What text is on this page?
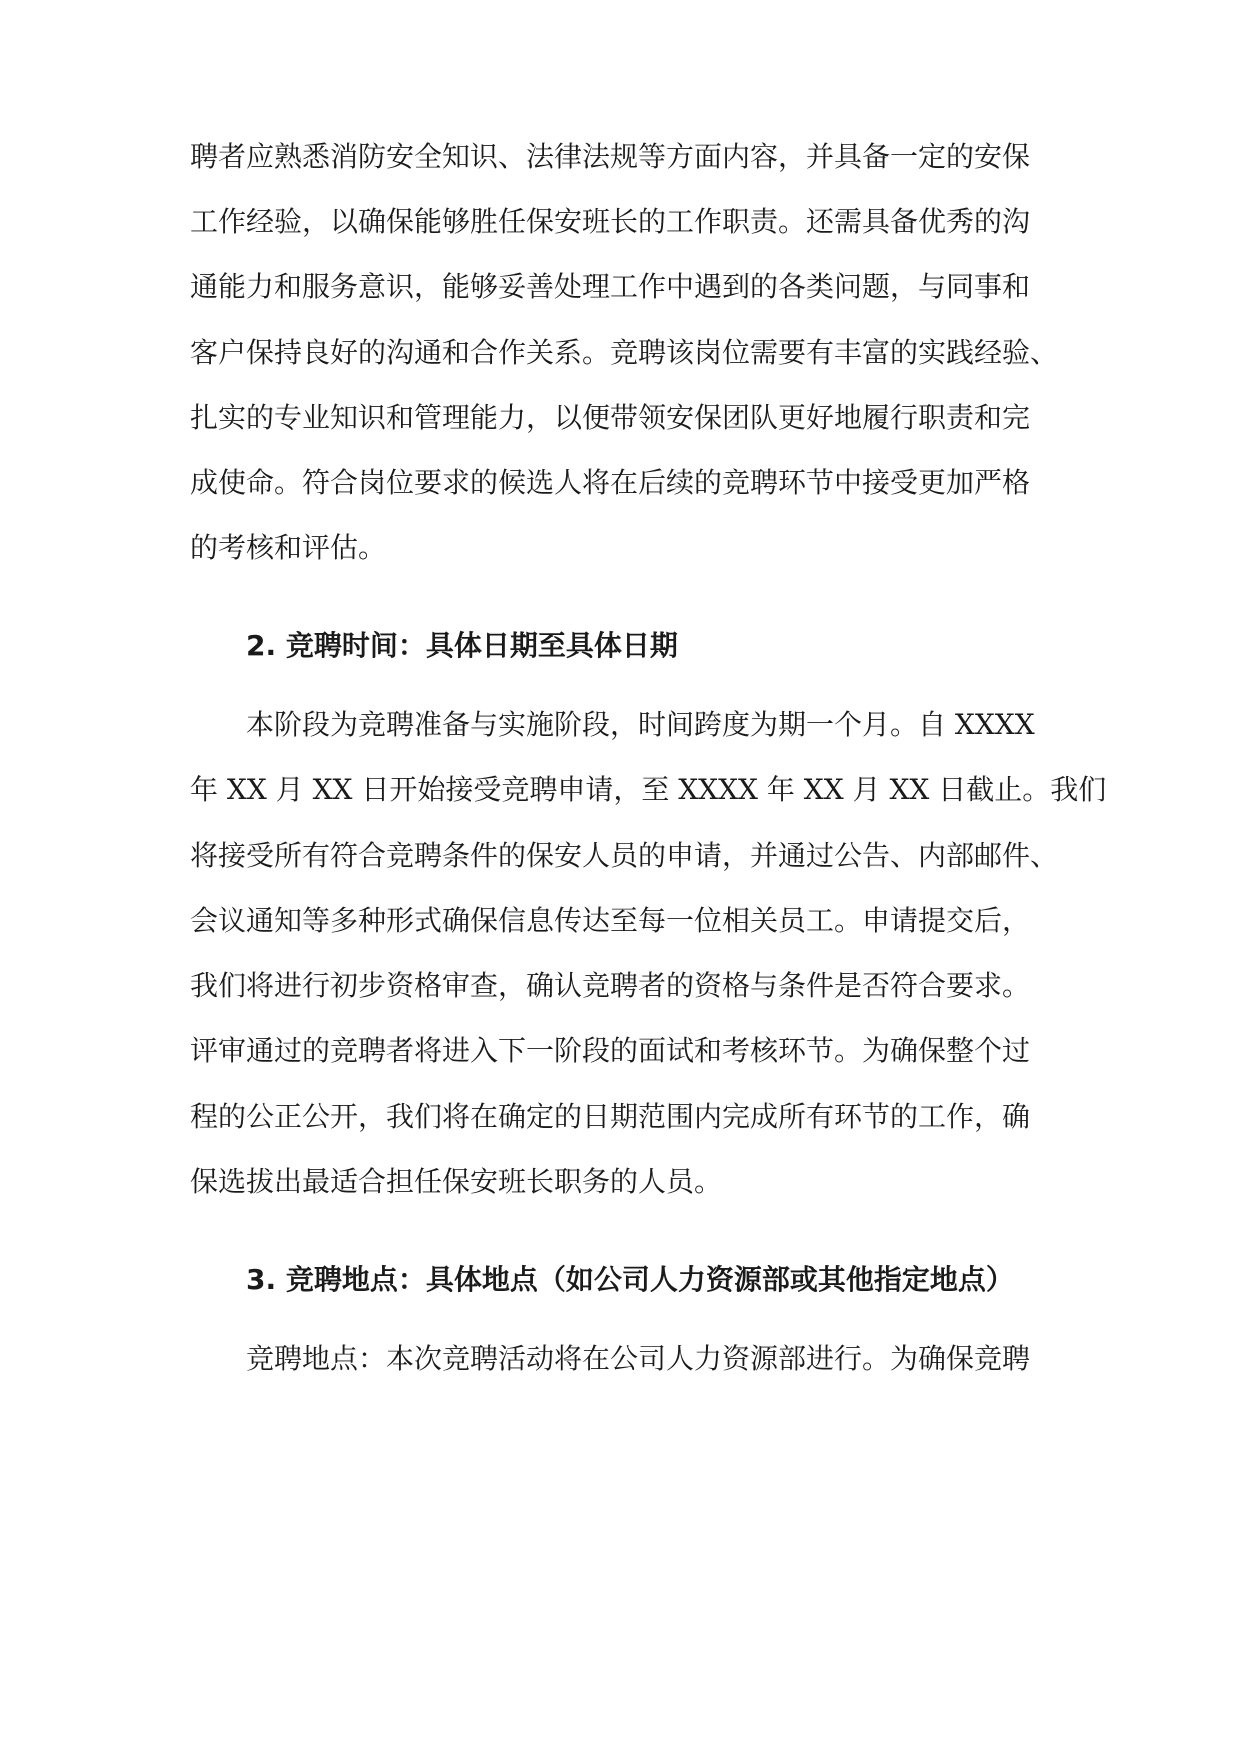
聘者应熟悉消防安全知识、法律法规等方面内容，并具备一定的安保
工作经验，以确保能够胜任保安班长的工作职责。还需具备优秀的沟
通能力和服务意识，能够妥善处理工作中遇到的各类问题，与同事和
客户保持良好的沟通和合作关系。竞聘该岗位需要有丰富的实践经验、
扎实的专业知识和管理能力，以便带领安保团队更好地履行职责和完
成使命。符合岗位要求的候选人将在后续的竞聘环节中接受更加严格
的考核和评估。
2. 竞聘时间：具体日期至具体日期
本阶段为竞聘准备与实施阶段，时间跨度为期一个月。自 XXXX
年 XX 月 XX 日开始接受竞聘申请，至 XXXX 年 XX 月 XX 日截止。我们
将接受所有符合竞聘条件的保安人员的申请，并通过公告、内部邮件、
会议通知等多种形式确保信息传达至每一位相关员工。申请提交后，
我们将进行初步资格审查，确认竞聘者的资格与条件是否符合要求。
评审通过的竞聘者将进入下一阶段的面试和考核环节。为确保整个过
程的公正公开，我们将在确定的日期范围内完成所有环节的工作，确
保选拔出最适合担任保安班长职务的人员。
3. 竞聘地点：具体地点（如公司人力资源部或其他指定地点）
竞聘地点：本次竞聘活动将在公司人力资源部进行。为确保竞聘
